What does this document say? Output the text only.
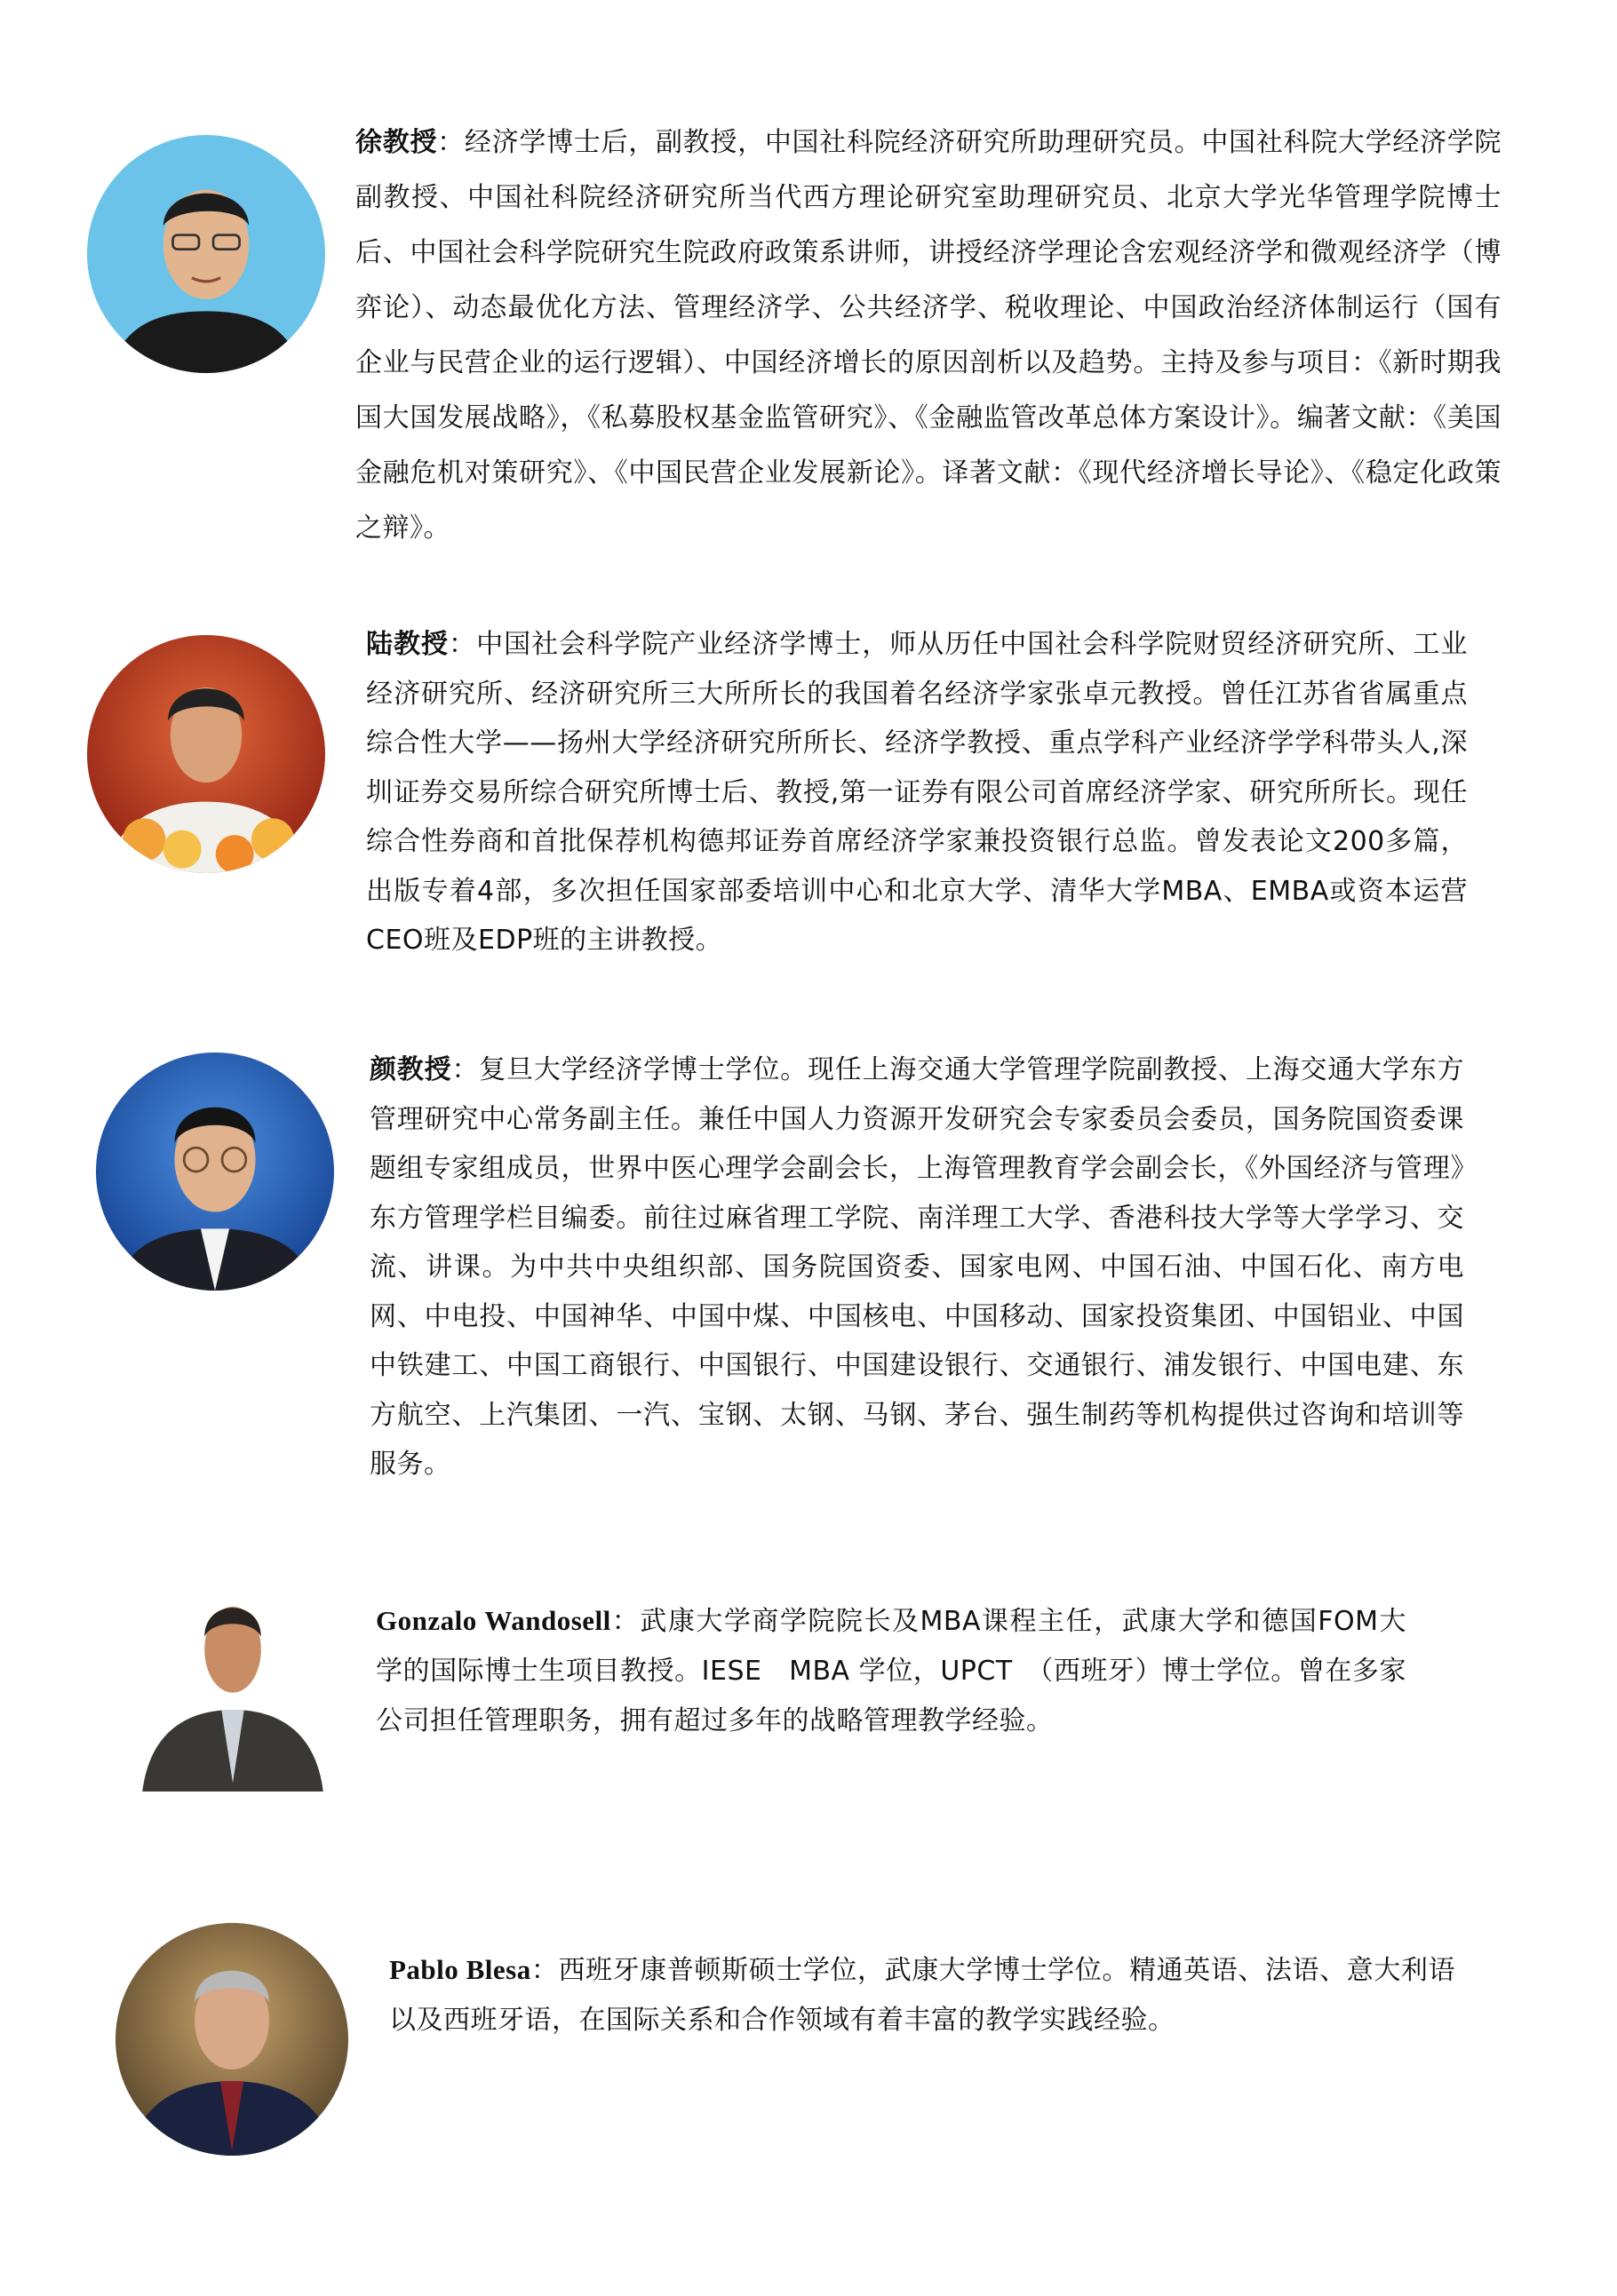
徐教授：经济学博士后，副教授，中国社科院经济研究所助理研究员。中国社科院大学经济学院副教授、中国社科院经济研究所当代西方理论研究室助理研究员、北京大学光华管理学院博士后、中国社会科学院研究生院政府政策系讲师，讲授经济学理论含宏观经济学和微观经济学（博弈论）、动态最优化方法、管理经济学、公共经济学、税收理论、中国政治经济体制运行（国有企业与民营企业的运行逻辑）、中国经济增长的原因剖析以及趋势。主持及参与项目：《新时期我国大国发展战略》，《私募股权基金监管研究》、《金融监管改革总体方案设计》。编著文献：《美国金融危机对策研究》、《中国民营企业发展新论》。译著文献：《现代经济增长导论》、《稳定化政策之辩》。

陆教授：中国社会科学院产业经济学博士，师从历任中国社会科学院财贸经济研究所、工业经济研究所、经济研究所三大所所长的我国着名经济学家张卓元教授。曾任江苏省省属重点综合性大学——扬州大学经济研究所所长、经济学教授、重点学科产业经济学学科带头人,深圳证券交易所综合研究所博士后、教授,第一证券有限公司首席经济学家、研究所所长。现任综合性券商和首批保荐机构德邦证券首席经济学家兼投资银行总监。曾发表论文200多篇， 出版专着4部，多次担任国家部委培训中心和北京大学、清华大学MBA、EMBA或资本运营CEO班及EDP班的主讲教授。

颜教授：复旦大学经济学博士学位。现任上海交通大学管理学院副教授、上海交通大学东方管理研究中心常务副主任。兼任中国人力资源开发研究会专家委员会委员，国务院国资委课题组专家组成员，世界中医心理学会副会长，上海管理教育学会副会长，《外国经济与管理》东方管理学栏目编委。前往过麻省理工学院、南洋理工大学、香港科技大学等大学学习、交流、讲课。为中共中央组织部、国务院国资委、国家电网、中国石油、中国石化、南方电网、中电投、中国神华、中国中煤、中国核电、中国移动、国家投资集团、中国铝业、中国中铁建工、中国工商银行、中国银行、中国建设银行、交通银行、浦发银行、中国电建、东方航空、上汽集团、一汽、宝钢、太钢、马钢、茅台、强生制药等机构提供过咨询和培训等服务。

Gonzalo Wandosell：武康大学商学院院长及MBA课程主任，武康大学和德国FOM大学的国际博士生项目教授。IESE　MBA 学位，UPCT　（西班牙）博士学位。曾在多家公司担任管理职务，拥有超过多年的战略管理教学经验。

Pablo Blesa：西班牙康普顿斯硕士学位，武康大学博士学位。精通英语、法语、意大利语以及西班牙语，在国际关系和合作领域有着丰富的教学实践经验。
